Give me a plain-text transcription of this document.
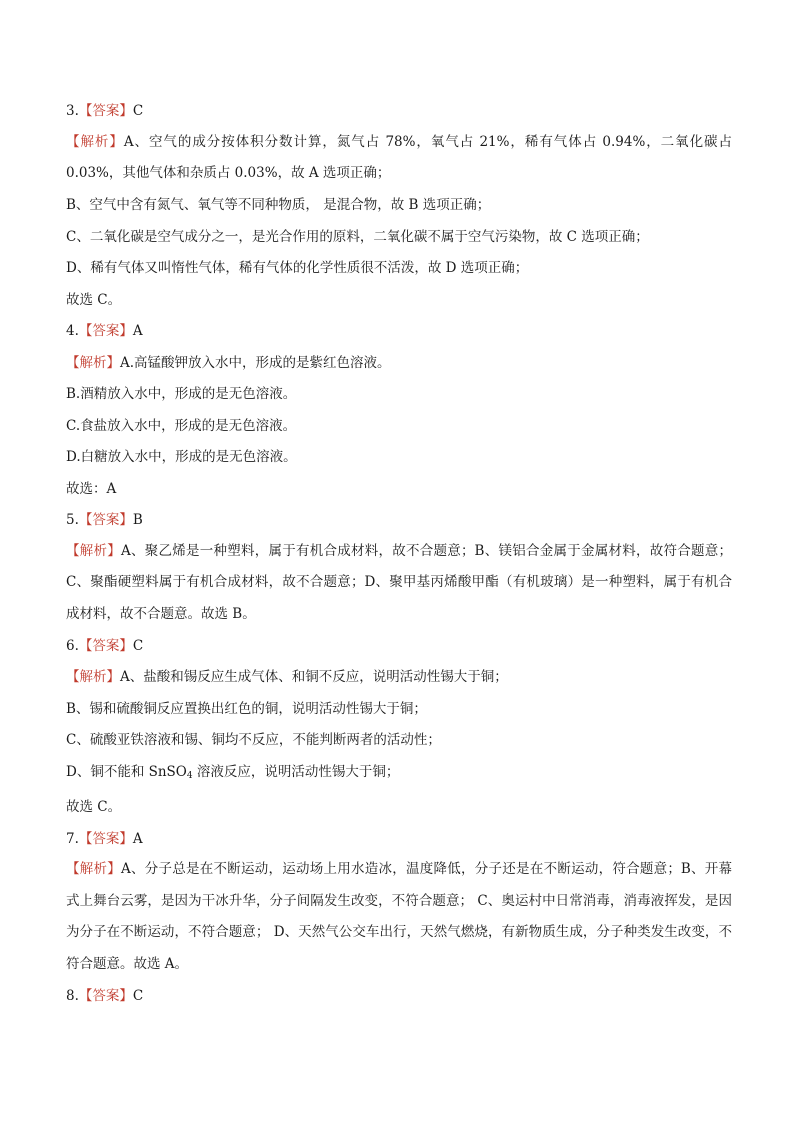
3.【答案】C
【解析】A、空气的成分按体积分数计算，氮气占 78%，氧气占 21%，稀有气体占 0.94%，二氧化碳占 0.03%，其他气体和杂质占 0.03%，故 A 选项正确；
B、空气中含有氮气、氧气等不同种物质， 是混合物，故 B 选项正确；
C、二氧化碳是空气成分之一，是光合作用的原料，二氧化碳不属于空气污染物，故 C 选项正确；
D、稀有气体又叫惰性气体，稀有气体的化学性质很不活泼，故 D 选项正确；
故选 C。
4.【答案】A
【解析】A.高锰酸钾放入水中，形成的是紫红色溶液。
B.酒精放入水中，形成的是无色溶液。
C.食盐放入水中，形成的是无色溶液。
D.白糖放入水中，形成的是无色溶液。
故选：A
5.【答案】B
【解析】A、聚乙烯是一种塑料，属于有机合成材料，故不合题意；B、镁铝合金属于金属材料，故符合题意；C、聚酯硬塑料属于有机合成材料，故不合题意；D、聚甲基丙烯酸甲酯（有机玻璃）是一种塑料，属于有机合成材料，故不合题意。故选 B。
6.【答案】C
【解析】A、盐酸和锡反应生成气体、和铜不反应，说明活动性锡大于铜；
B、锡和硫酸铜反应置换出红色的铜，说明活动性锡大于铜；
C、硫酸亚铁溶液和锡、铜均不反应，不能判断两者的活动性；
D、铜不能和 SnSO$_4$ 溶液反应，说明活动性锡大于铜；
故选 C。
7.【答案】A
【解析】A、分子总是在不断运动，运动场上用水造冰，温度降低，分子还是在不断运动，符合题意；B、开幕式上舞台云雾，是因为干冰升华，分子间隔发生改变，不符合题意； C、奥运村中日常消毒，消毒液挥发，是因为分子在不断运动，不符合题意； D、天然气公交车出行，天然气燃烧，有新物质生成，分子种类发生改变，不符合题意。故选 A。
8.【答案】C
